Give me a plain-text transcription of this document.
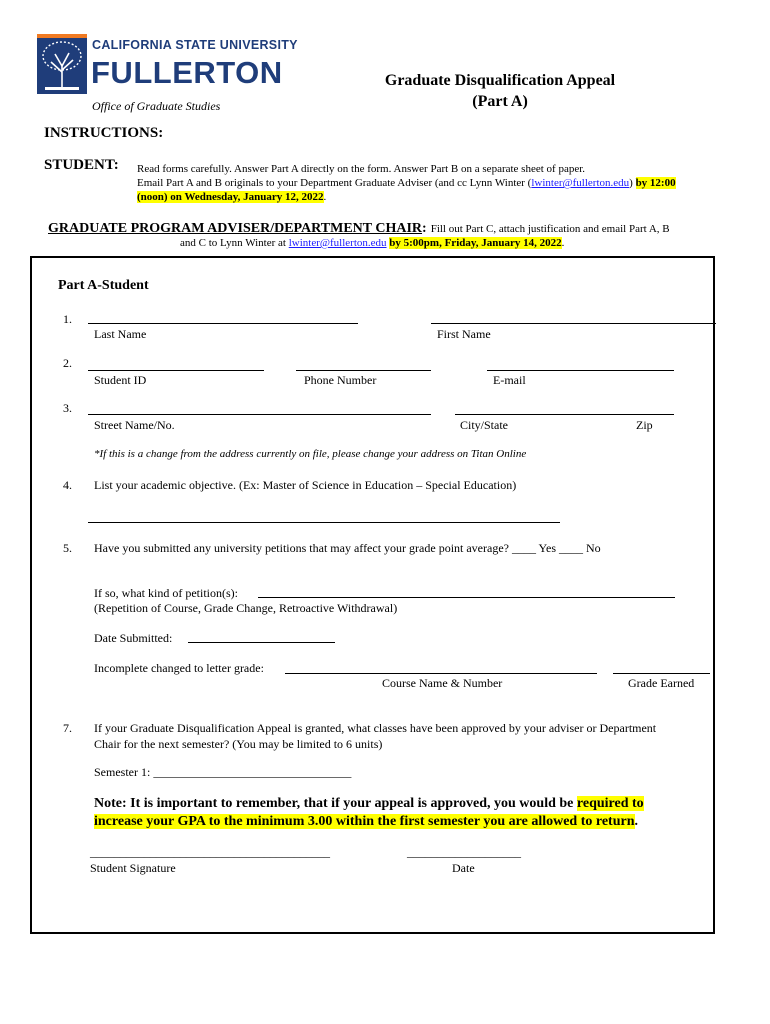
CALIFORNIA STATE UNIVERSITY
FULLERTON
Office of Graduate Studies
Graduate Disqualification Appeal
(Part A)
INSTRUCTIONS:
STUDENT: Read forms carefully. Answer Part A directly on the form. Answer Part B on a separate sheet of paper.
Email Part A and B originals to your Department Graduate Adviser (and cc Lynn Winter (lwinter@fullerton.edu) by 12:00
(noon) on Wednesday, January 12, 2022.
GRADUATE PROGRAM ADVISER/DEPARTMENT CHAIR: Fill out Part C, attach justification and email Part A, B
and C to Lynn Winter at lwinter@fullerton.edu by 5:00pm, Friday, January 14, 2022.
Part A-Student
1.
Last Name	First Name
2.
Student ID	Phone Number	E-mail
3.
Street Name/No.	City/State	Zip
*If this is a change from the address currently on file, please change your address on Titan Online
4. List your academic objective. (Ex: Master of Science in Education – Special Education)
5. Have you submitted any university petitions that may affect your grade point average? ____ Yes ____ No
If so, what kind of petition(s):
(Repetition of Course, Grade Change, Retroactive Withdrawal)
Date Submitted:
Incomplete changed to letter grade:
Course Name & Number	Grade Earned
7. If your Graduate Disqualification Appeal is granted, what classes have been approved by your adviser or Department
Chair for the next semester? (You may be limited to 6 units)
Semester 1: _________________________________
Note: It is important to remember, that if your appeal is approved, you would be required to
increase your GPA to the minimum 3.00 within the first semester you are allowed to return.
________________________________________	___________________
Student Signature	Date
